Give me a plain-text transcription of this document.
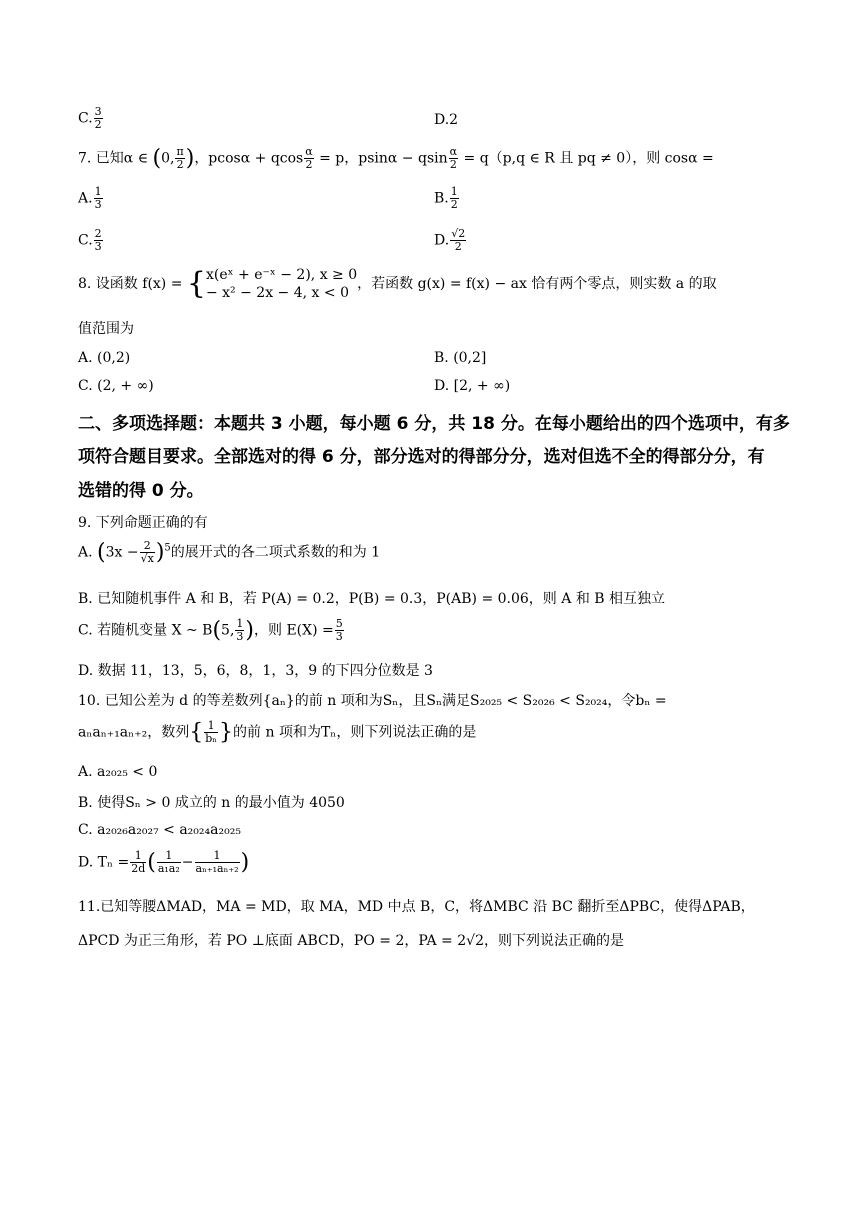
C. $\frac{3}{2}$	D.2
7. 已知α ∈ (0, $\frac{\pi}{2}$ )，pcosα + qcos $\frac{\alpha}{2} = p$，psinα − qsin $\frac{\alpha}{2} = q(p,q$ ∈ R 且 pq ≠ 0），则 cosα =
A. $\frac{1}{3}$	B. $\frac{1}{2}$
C. $\frac{2}{3}$	D. $\frac{√2}{2}$
8. 设函数 f(x) = { x(eˣ + e⁻ˣ − 2), x ≥ 0
− x² − 2x − 4, x < 0
，若函数 g(x) = f(x) − ax 恰有两个零点，则实数 a 的取
值范围为
A. (0,2)	B. (0,2]
C. (2, + ∞)	D. [2, + ∞)
二、多项选择题：本题共 3 小题，每小题 6 分，共 18 分。在每小题给出的四个选项中，有多
项符合题目要求。全部选对的得 6 分，部分选对的得部分分，选对但选不全的得部分分，有
选错的得 0 分。
9. 下列命题正确的有
A. $(3x - \frac{2}{√x} )^5$的展开式的各二项式系数的和为 1
B. 已知随机事件 A 和 B，若 P(A) = 0.2，P(B) = 0.3，P(AB) = 0.06，则 A 和 B 相互独立
C. 若随机变量 X ~ B(5, $\frac{1}{3}$ )，则 $E(X) = \frac{5}{3}$
D. 数据 11，13，5，6，8，1，3，9 的下四分位数是 3
10. 已知公差为 d 的等差数列{aₙ}的前 n 项和为Sₙ，且Sₙ满足S₂₀₂₅ < S₂₀₂₆ < S₂₀₂₄，令bₙ =
aₙaₙ₊₁aₙ₊₂，数列{ $\frac{1}{\text{bₙ}}$ }的前 n 项和为Tₙ，则下列说法正确的是
A. a₂₀₂₅ < 0
B. 使得Sₙ > 0 成立的 n 的最小值为 4050
C. a₂₀₂₆a₂₀₂₇ < a₂₀₂₄a₂₀₂₅
D. $T_n = \frac{1}{2d}$ ( $\frac{1}{\text{a₁a₂}} - \frac{1}{\text{aₙ₊₁aₙ₊₂}}$ )
11.已知等腰ΔMAD，MA = MD，取 MA，MD 中点 B，C，将ΔMBC 沿 BC 翻折至ΔPBC，使得ΔPAB，
ΔPCD 为正三角形，若 PO ⊥底面 ABCD，PO = 2，PA = 2√2，则下列说法正确的是
